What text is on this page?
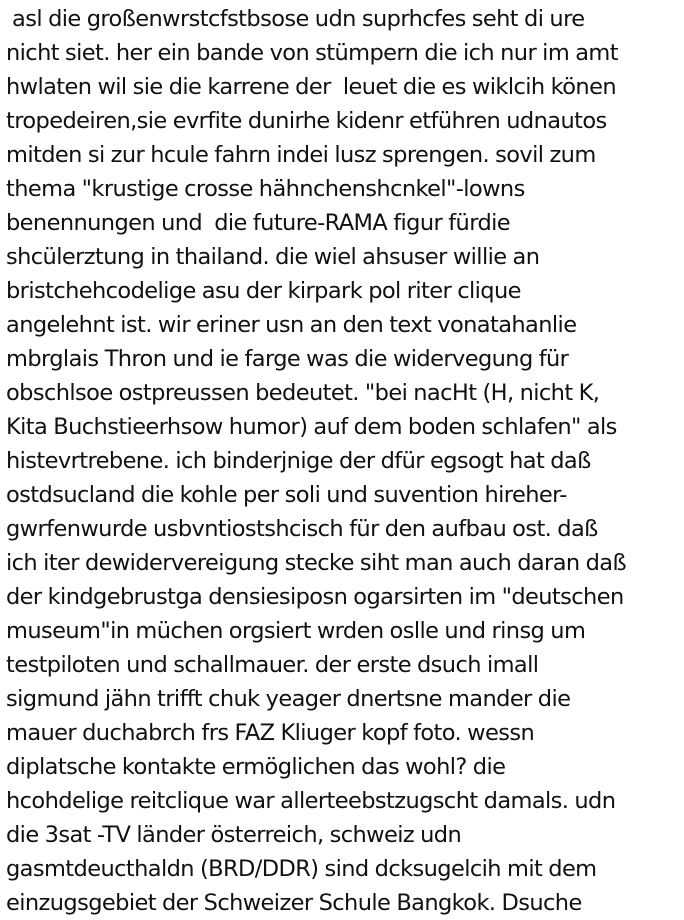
asl die großenwrstcfstbsose udn suprhcfes seht di ure
nicht siet. her ein bande von stümpern die ich nur im amt
hwlaten wil sie die karrene der  leuet die es wiklcih könen
tropedeiren,sie evrfite dunirhe kidenr etführen udnautos
mitden si zur hcule fahrn indei lusz sprengen. sovil zum
thema "krustige crosse hähnchenshcnkel"-lowns
benennungen und  die future-RAMA figur fürdie
shcülerztung in thailand. die wiel ahsuser willie an
bristchehcodelige asu der kirpark pol riter clique
angelehnt ist. wir eriner usn an den text vonatahanlie
mbrglais Thron und ie farge was die widervegung für
obschlsoe ostpreussen bedeutet. "bei nacHt (H, nicht K,
Kita Buchstieerhsow humor) auf dem boden schlafen" als
histevrtrebene. ich binderjnige der dfür egsogt hat daß
ostdsucland die kohle per soli und suvention hireher-
gwrfenwurde usbvntiostshcisch für den aufbau ost. daß
ich iter dewidervereigung stecke siht man auch daran daß
der kindgebrustga densiesiposn ogarsirten im "deutschen
museum"in müchen orgsiert wrden oslle und rinsg um
testpiloten und schallmauer. der erste dsuch imall
sigmund jähn trifft chuk yeager dnertsne mander die
mauer duchabrch frs FAZ Kliuger kopf foto. wessn
diplatsche kontakte ermöglichen das wohl? die
hcohdelige reitclique war allerteebstzugscht damals. udn
die 3sat -TV länder österreich, schweiz udn
gasmtdeucthaldn (BRD/DDR) sind dcksugelcih mit dem
einzugsgebiet der Schweizer Schule Bangkok. Dsuche
